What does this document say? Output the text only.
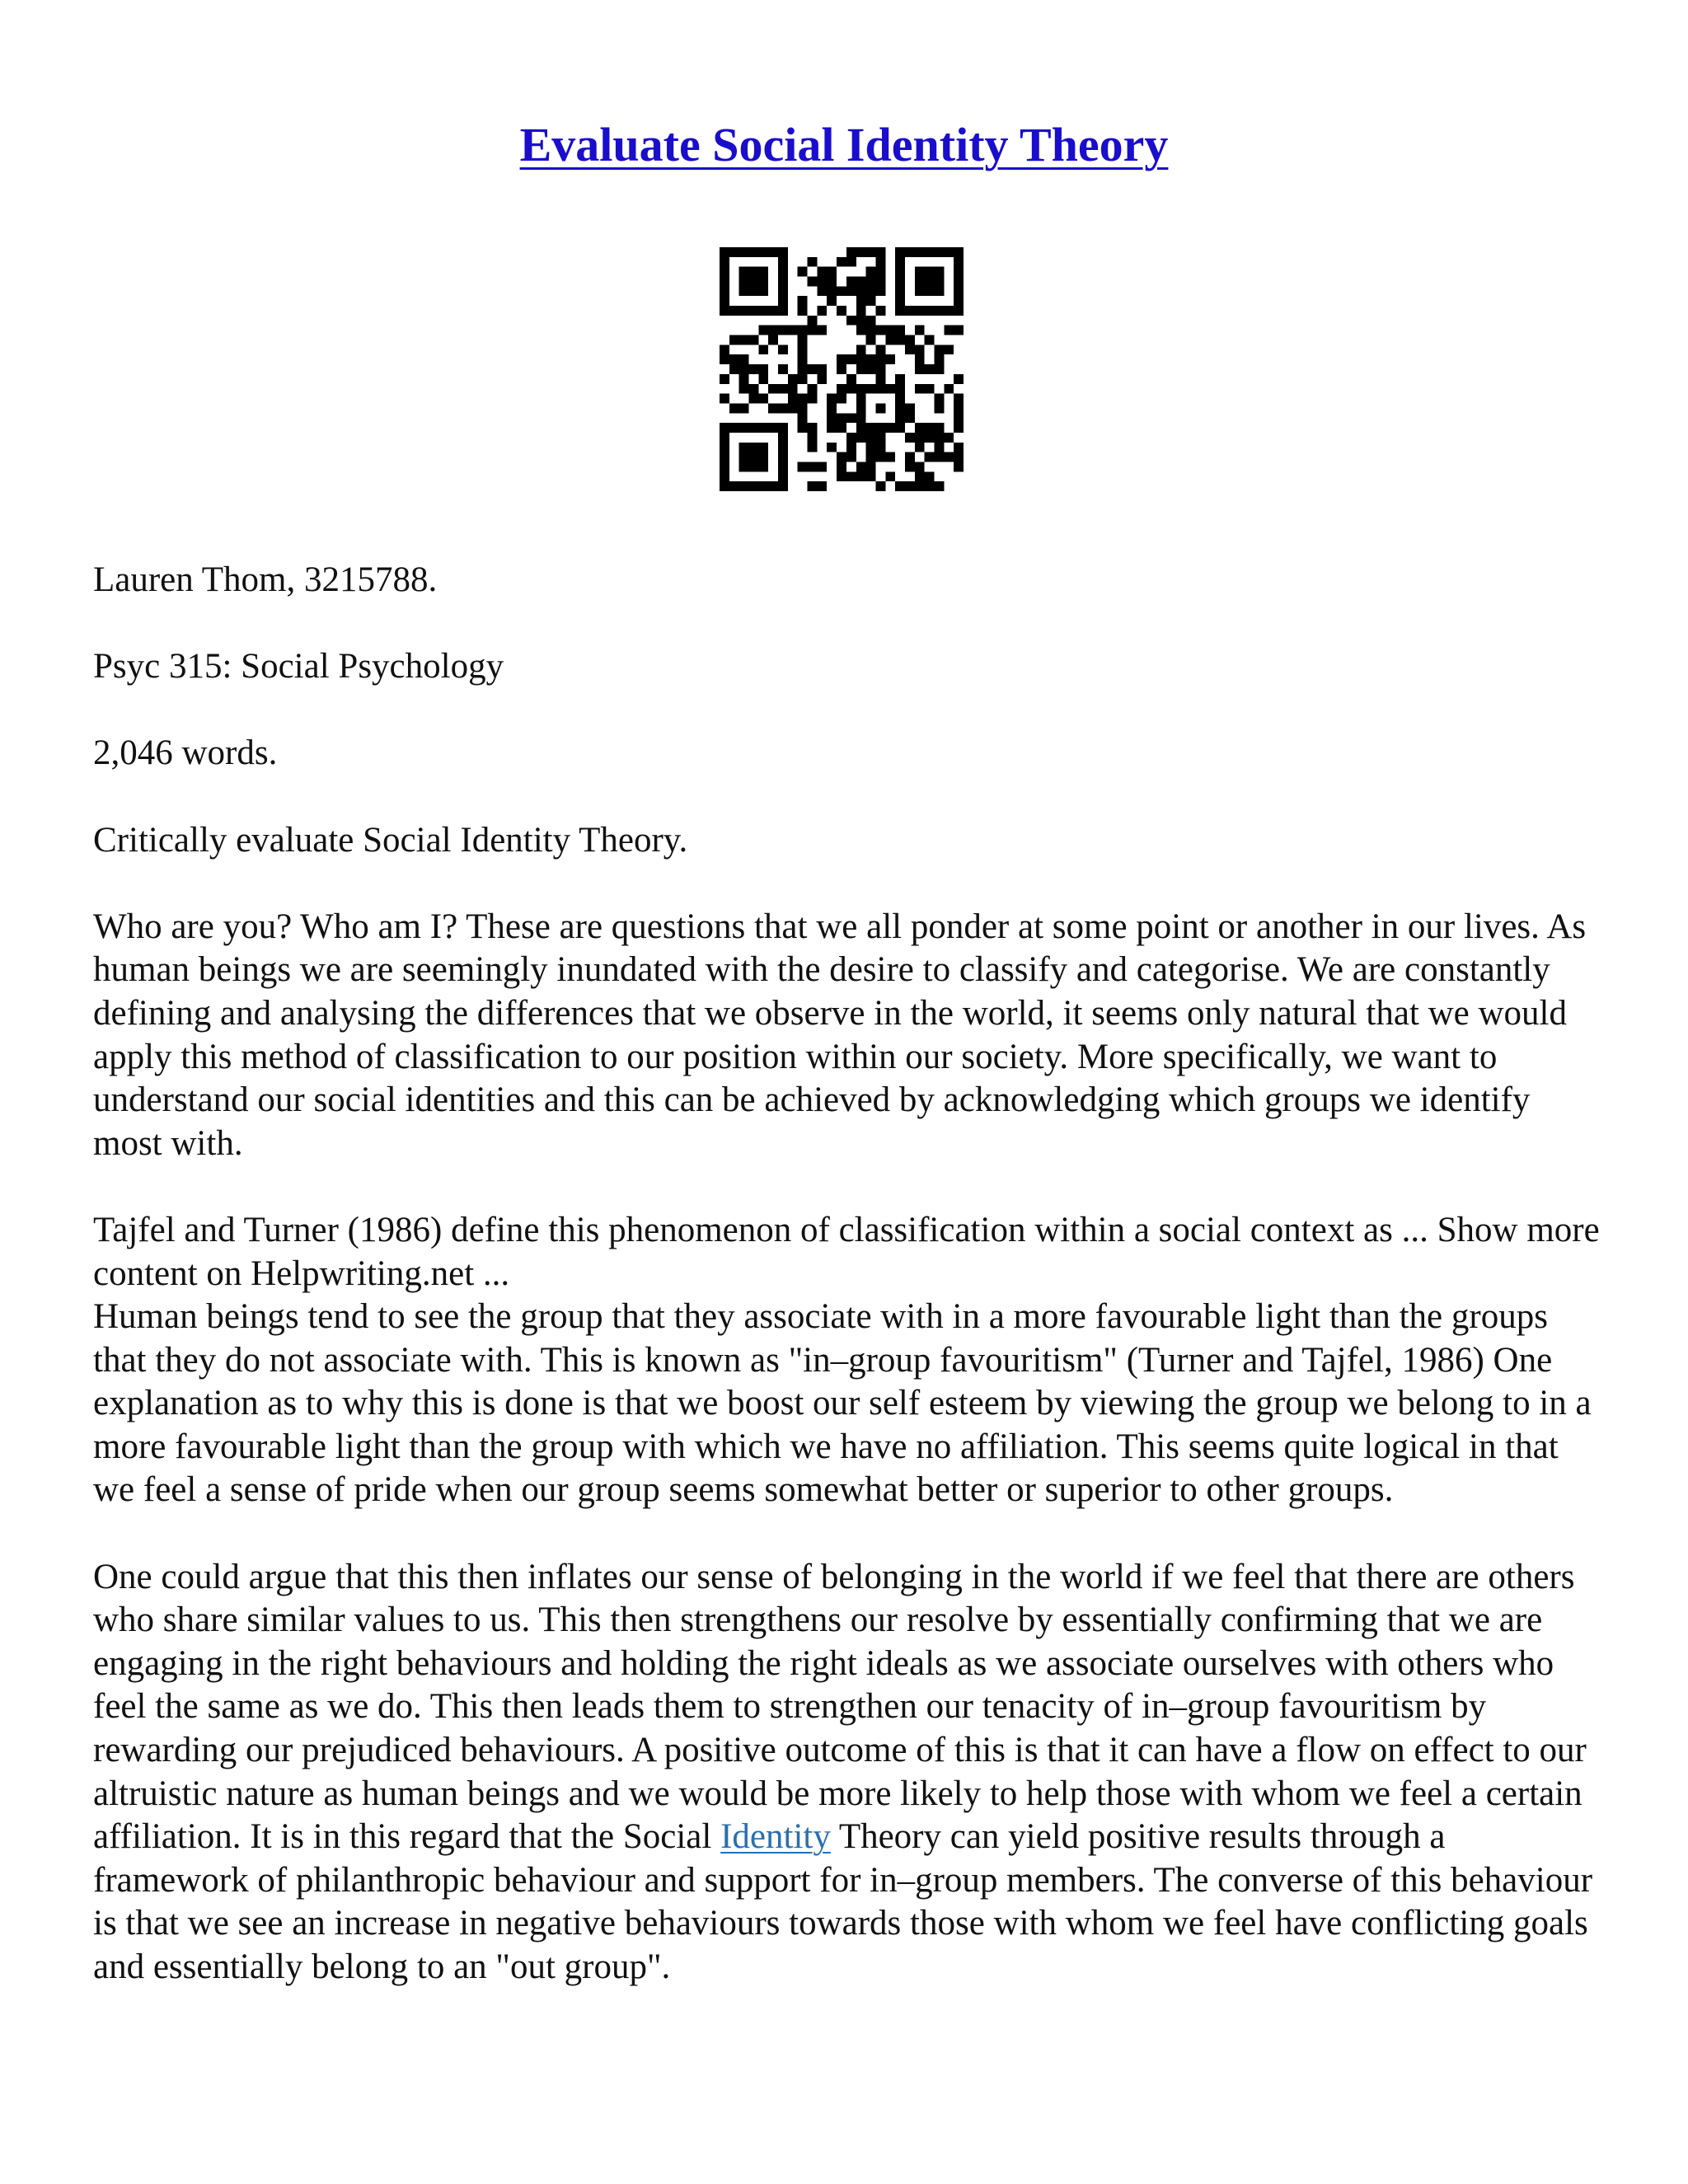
Evaluate Social Identity Theory

Lauren Thom, 3215788.

Psyc 315: Social Psychology

2,046 words.

Critically evaluate Social Identity Theory.

Who are you? Who am I? These are questions that we all ponder at some point or another in our lives. As human beings we are seemingly inundated with the desire to classify and categorise. We are constantly defining and analysing the differences that we observe in the world, it seems only natural that we would apply this method of classification to our position within our society. More specifically, we want to understand our social identities and this can be achieved by acknowledging which groups we identify most with.

Tajfel and Turner (1986) define this phenomenon of classification within a social context as ... Show more content on Helpwriting.net ...

Human beings tend to see the group that they associate with in a more favourable light than the groups that they do not associate with. This is known as "in–group favouritism" (Turner and Tajfel, 1986) One explanation as to why this is done is that we boost our self esteem by viewing the group we belong to in a more favourable light than the group with which we have no affiliation. This seems quite logical in that we feel a sense of pride when our group seems somewhat better or superior to other groups.

One could argue that this then inflates our sense of belonging in the world if we feel that there are others who share similar values to us. This then strengthens our resolve by essentially confirming that we are engaging in the right behaviours and holding the right ideals as we associate ourselves with others who feel the same as we do. This then leads them to strengthen our tenacity of in–group favouritism by rewarding our prejudiced behaviours. A positive outcome of this is that it can have a flow on effect to our altruistic nature as human beings and we would be more likely to help those with whom we feel a certain affiliation. It is in this regard that the Social Identity Theory can yield positive results through a framework of philanthropic behaviour and support for in–group members. The converse of this behaviour is that we see an increase in negative behaviours towards those with whom we feel have conflicting goals and essentially belong to an "out group".
